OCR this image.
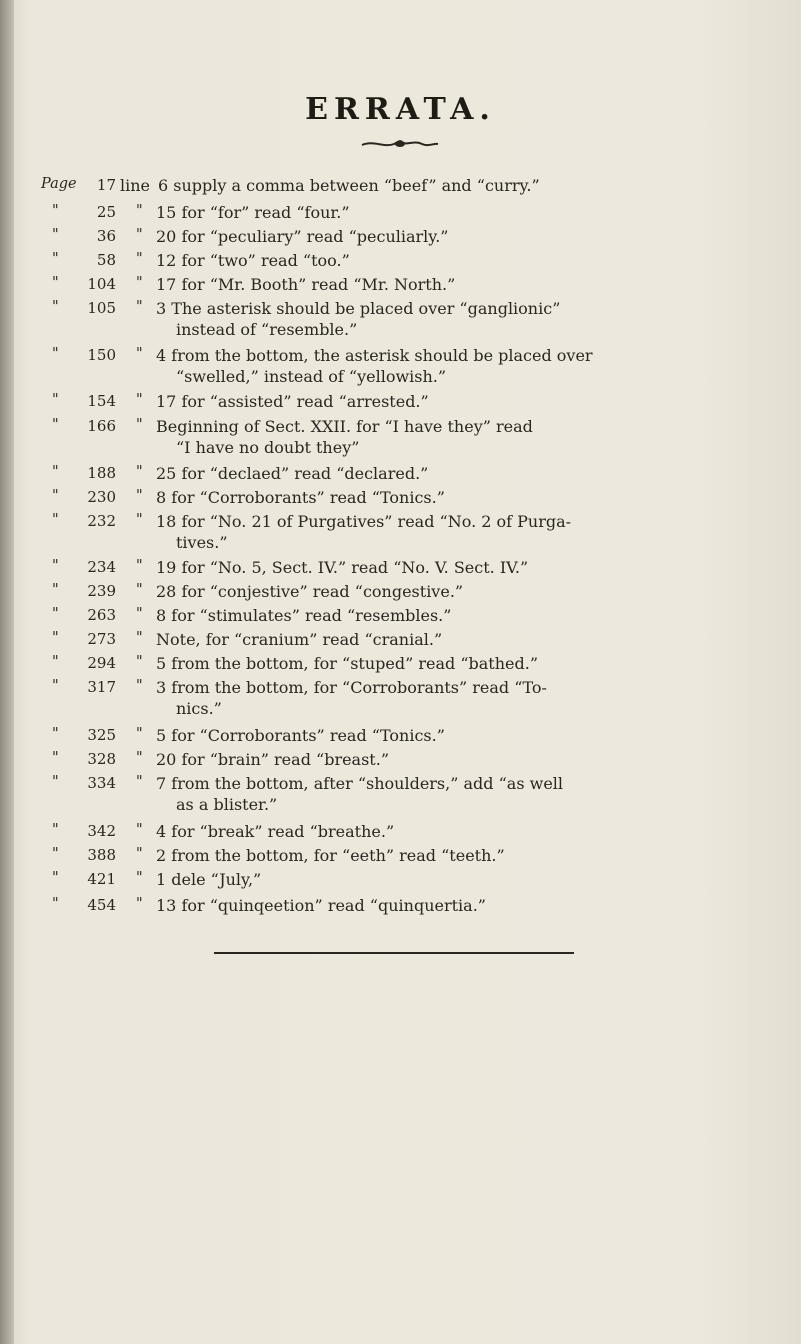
ERRATA.
Page	17 line 6 supply a comma between “beef” and “curry.”
"	25 " 15 for “for” read “four.”
"	36 " 20 for “peculiary” read “peculiarly.”
"	58 " 12 for “two” read “too.”
"	104 " 17 for “Mr. Booth” read “Mr. North.”
"	105 " 3 The asterisk should be placed over “ganglionic”
instead of “resemble.”
"	150 " 4 from the bottom, the asterisk should be placed over
“swelled,” instead of “yellowish.”
"	154 " 17 for “assisted” read “arrested.”
"	166 " Beginning of Sect. XXII. for “I have they” read
“I have no doubt they”
"	188 " 25 for “declaed” read “declared.”
"	230 " 8 for “Corroborants” read “Tonics.”
"	232 " 18 for “No. 21 of Purgatives” read “No. 2 of Purga-
tives.”
"	234 " 19 for “No. 5, Sect. IV.” read “No. V. Sect. IV.”
"	239 " 28 for “conjestive” read “congestive.”
"	263 " 8 for “stimulates” read “resembles.”
"	273 " Note, for “cranium” read “cranial.”
"	294 " 5 from the bottom, for “stuped” read “bathed.”
"	317 " 3 from the bottom, for “Corroborants” read “To-
nics.”
"	325 " 5 for “Corroborants” read “Tonics.”
"	328 " 20 for “brain” read “breast.”
"	334 " 7 from the bottom, after “shoulders,” add “as well
as a blister.”
"	342 " 4 for “break” read “breathe.”
"	388 " 2 from the bottom, for “eeth” read “teeth.”
"	421 " 1 dele “July,”
"	454 " 13 for “quinqeetion” read “quinquertia.”
